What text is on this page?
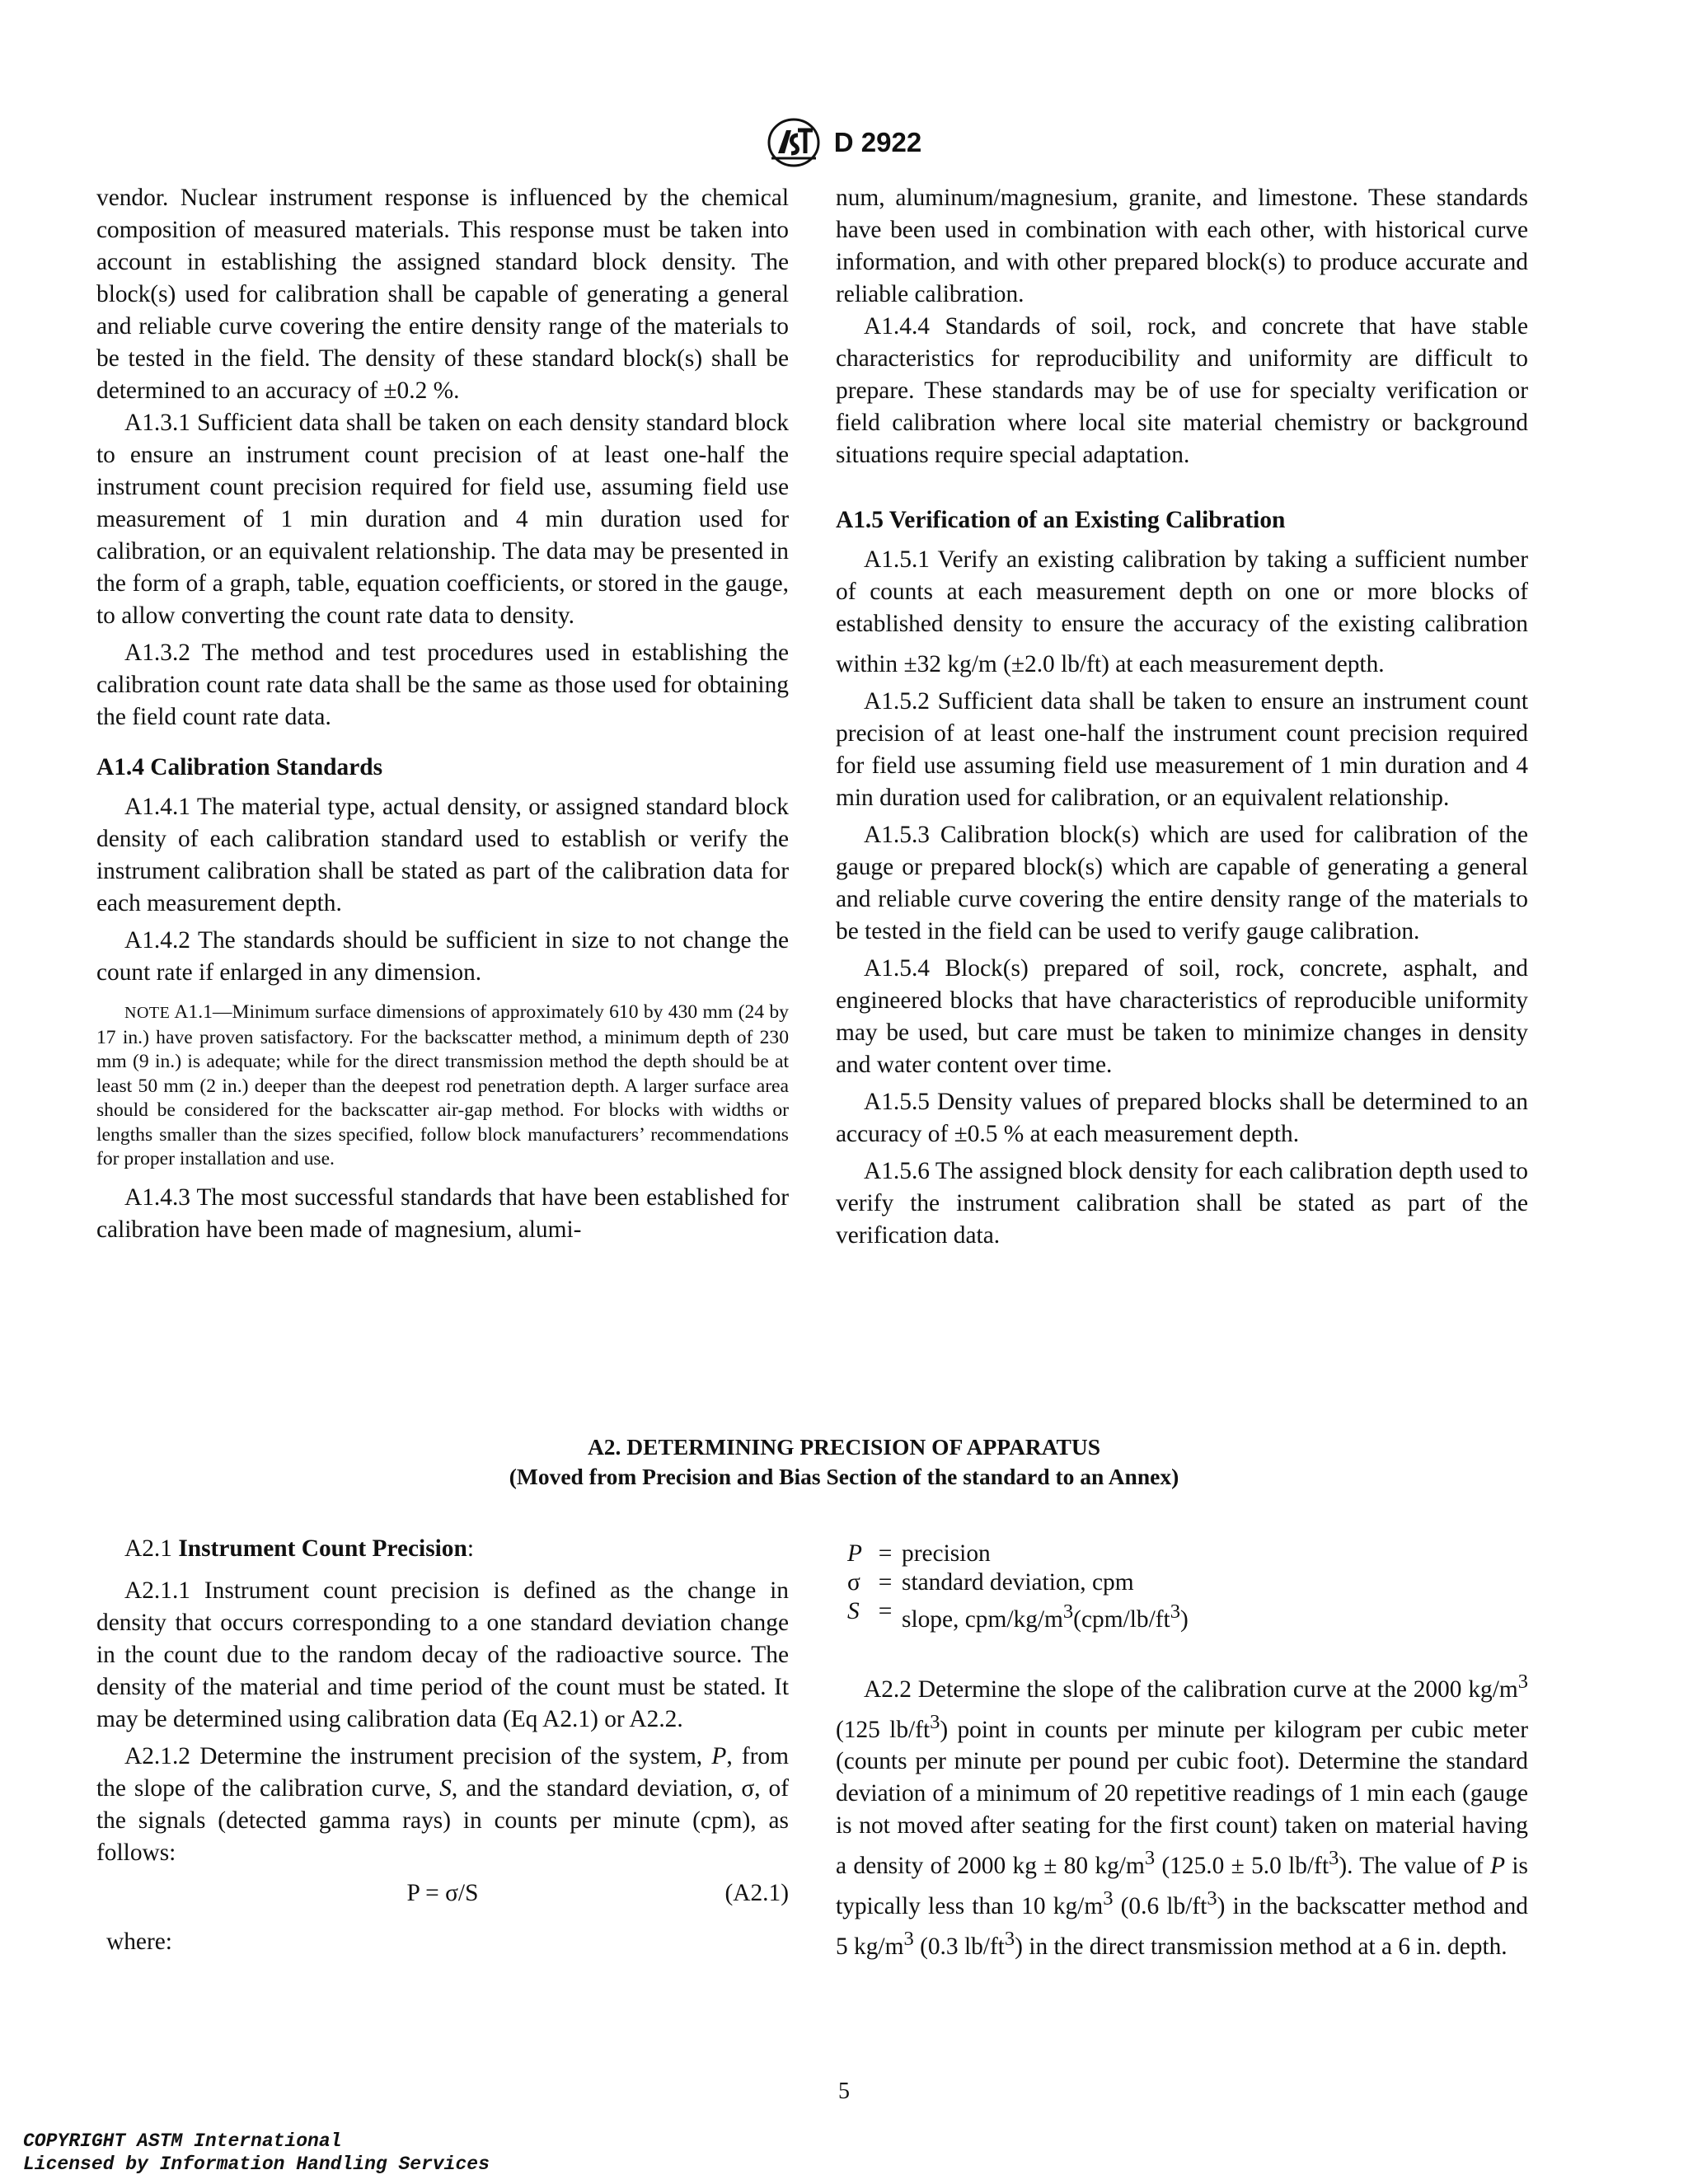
D 2922

vendor. Nuclear instrument response is influenced by the chemical composition of measured materials. This response must be taken into account in establishing the assigned standard block density. The block(s) used for calibration shall be capable of generating a general and reliable curve covering the entire density range of the materials to be tested in the field. The density of these standard block(s) shall be determined to an accuracy of ±0.2 %.

A1.3.1 Sufficient data shall be taken on each density standard block to ensure an instrument count precision of at least one-half the instrument count precision required for field use, assuming field use measurement of 1 min duration and 4 min duration used for calibration, or an equivalent relationship. The data may be presented in the form of a graph, table, equation coefficients, or stored in the gauge, to allow converting the count rate data to density.

A1.3.2 The method and test procedures used in establishing the calibration count rate data shall be the same as those used for obtaining the field count rate data.

A1.4 Calibration Standards

A1.4.1 The material type, actual density, or assigned standard block density of each calibration standard used to establish or verify the instrument calibration shall be stated as part of the calibration data for each measurement depth.

A1.4.2 The standards should be sufficient in size to not change the count rate if enlarged in any dimension.

NOTE A1.1—Minimum surface dimensions of approximately 610 by 430 mm (24 by 17 in.) have proven satisfactory. For the backscatter method, a minimum depth of 230 mm (9 in.) is adequate; while for the direct transmission method the depth should be at least 50 mm (2 in.) deeper than the deepest rod penetration depth. A larger surface area should be considered for the backscatter air-gap method. For blocks with widths or lengths smaller than the sizes specified, follow block manufacturers’ recommendations for proper installation and use.

A1.4.3 The most successful standards that have been established for calibration have been made of magnesium, alumi-

num, aluminum/magnesium, granite, and limestone. These standards have been used in combination with each other, with historical curve information, and with other prepared block(s) to produce accurate and reliable calibration.

A1.4.4 Standards of soil, rock, and concrete that have stable characteristics for reproducibility and uniformity are difficult to prepare. These standards may be of use for specialty verification or field calibration where local site material chemistry or background situations require special adaptation.

A1.5 Verification of an Existing Calibration

A1.5.1 Verify an existing calibration by taking a sufficient number of counts at each measurement depth on one or more blocks of established density to ensure the accuracy of the existing calibration within ±32 kg/m (±2.0 lb/ft) at each measurement depth.

A1.5.2 Sufficient data shall be taken to ensure an instrument count precision of at least one-half the instrument count precision required for field use assuming field use measurement of 1 min duration and 4 min duration used for calibration, or an equivalent relationship.

A1.5.3 Calibration block(s) which are used for calibration of the gauge or prepared block(s) which are capable of generating a general and reliable curve covering the entire density range of the materials to be tested in the field can be used to verify gauge calibration.

A1.5.4 Block(s) prepared of soil, rock, concrete, asphalt, and engineered blocks that have characteristics of reproducible uniformity may be used, but care must be taken to minimize changes in density and water content over time.

A1.5.5 Density values of prepared blocks shall be determined to an accuracy of ±0.5 % at each measurement depth.

A1.5.6 The assigned block density for each calibration depth used to verify the instrument calibration shall be stated as part of the verification data.

A2. DETERMINING PRECISION OF APPARATUS
(Moved from Precision and Bias Section of the standard to an Annex)

A2.1 Instrument Count Precision:

A2.1.1 Instrument count precision is defined as the change in density that occurs corresponding to a one standard deviation change in the count due to the random decay of the radioactive source. The density of the material and time period of the count must be stated. It may be determined using calibration data (Eq A2.1) or A2.2.

A2.1.2 Determine the instrument precision of the system, P, from the slope of the calibration curve, S, and the standard deviation, σ, of the signals (detected gamma rays) in counts per minute (cpm), as follows:

P = σ/S	(A2.1)

where:

P = precision
σ = standard deviation, cpm
S = slope, cpm/$kg/m^3(cpm/lb/ft^3)$

A2.2 Determine the slope of the calibration curve at the 2000 $kg/m^3$ (125 $lb/ft^3$) point in counts per minute per kilogram per cubic meter (counts per minute per pound per cubic foot). Determine the standard deviation of a minimum of 20 repetitive readings of 1 min each (gauge is not moved after seating for the first count) taken on material having a density of 2000 kg ± 80 $kg/m^3$ (125.0 ± 5.0 $lb/ft^3$). The value of P is typically less than 10 $kg/m^3$ (0.6 $lb/ft^3$) in the backscatter method and 5 $kg/m^3$ (0.3 $lb/ft^3$) in the direct transmission method at a 6 in. depth.

5
COPYRIGHT ASTM International
Licensed by Information Handling Services
